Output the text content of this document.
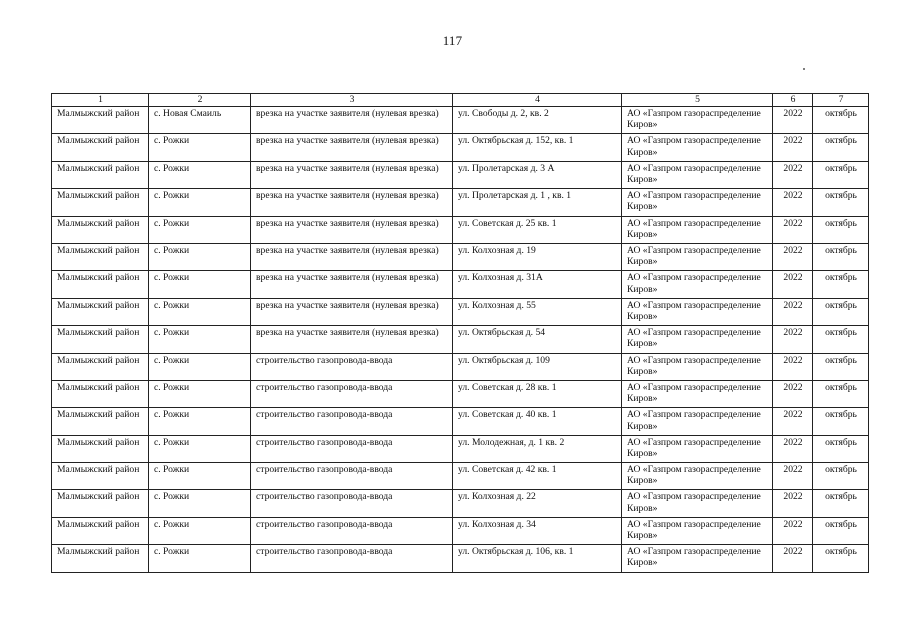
117
1	2	3	4	5	6	7
Малмыжский район	с. Новая Смаиль	врезка на участке заявителя (нулевая врезка)	ул. Свободы д. 2, кв. 2	АО «Газпром газораспределение Киров»	2022	октябрь
Малмыжский район	с. Рожки	врезка на участке заявителя (нулевая врезка)	ул. Октябрьская д. 152, кв. 1	АО «Газпром газораспределение Киров»	2022	октябрь
Малмыжский район	с. Рожки	врезка на участке заявителя (нулевая врезка)	ул. Пролетарская д. 3 А	АО «Газпром газораспределение Киров»	2022	октябрь
Малмыжский район	с. Рожки	врезка на участке заявителя (нулевая врезка)	ул. Пролетарская д. 1 , кв. 1	АО «Газпром газораспределение Киров»	2022	октябрь
Малмыжский район	с. Рожки	врезка на участке заявителя (нулевая врезка)	ул. Советская д. 25 кв. 1	АО «Газпром газораспределение Киров»	2022	октябрь
Малмыжский район	с. Рожки	врезка на участке заявителя (нулевая врезка)	ул. Колхозная д. 19	АО «Газпром газораспределение Киров»	2022	октябрь
Малмыжский район	с. Рожки	врезка на участке заявителя (нулевая врезка)	ул. Колхозная д. 31А	АО «Газпром газораспределение Киров»	2022	октябрь
Малмыжский район	с. Рожки	врезка на участке заявителя (нулевая врезка)	ул. Колхозная д. 55	АО «Газпром газораспределение Киров»	2022	октябрь
Малмыжский район	с. Рожки	врезка на участке заявителя (нулевая врезка)	ул. Октябрьская д. 54	АО «Газпром газораспределение Киров»	2022	октябрь
Малмыжский район	с. Рожки	строительство газопровода-ввода	ул. Октябрьская д. 109	АО «Газпром газораспределение Киров»	2022	октябрь
Малмыжский район	с. Рожки	строительство газопровода-ввода	ул. Советская д. 28 кв. 1	АО «Газпром газораспределение Киров»	2022	октябрь
Малмыжский район	с. Рожки	строительство газопровода-ввода	ул. Советская д. 40 кв. 1	АО «Газпром газораспределение Киров»	2022	октябрь
Малмыжский район	с. Рожки	строительство газопровода-ввода	ул. Молодежная, д. 1 кв. 2	АО «Газпром газораспределение Киров»	2022	октябрь
Малмыжский район	с. Рожки	строительство газопровода-ввода	ул. Советская д. 42 кв. 1	АО «Газпром газораспределение Киров»	2022	октябрь
Малмыжский район	с. Рожки	строительство газопровода-ввода	ул. Колхозная д. 22	АО «Газпром газораспределение Киров»	2022	октябрь
Малмыжский район	с. Рожки	строительство газопровода-ввода	ул. Колхозная д. 34	АО «Газпром газораспределение Киров»	2022	октябрь
Малмыжский район	с. Рожки	строительство газопровода-ввода	ул. Октябрьская д. 106, кв. 1	АО «Газпром газораспределение Киров»	2022	октябрь
